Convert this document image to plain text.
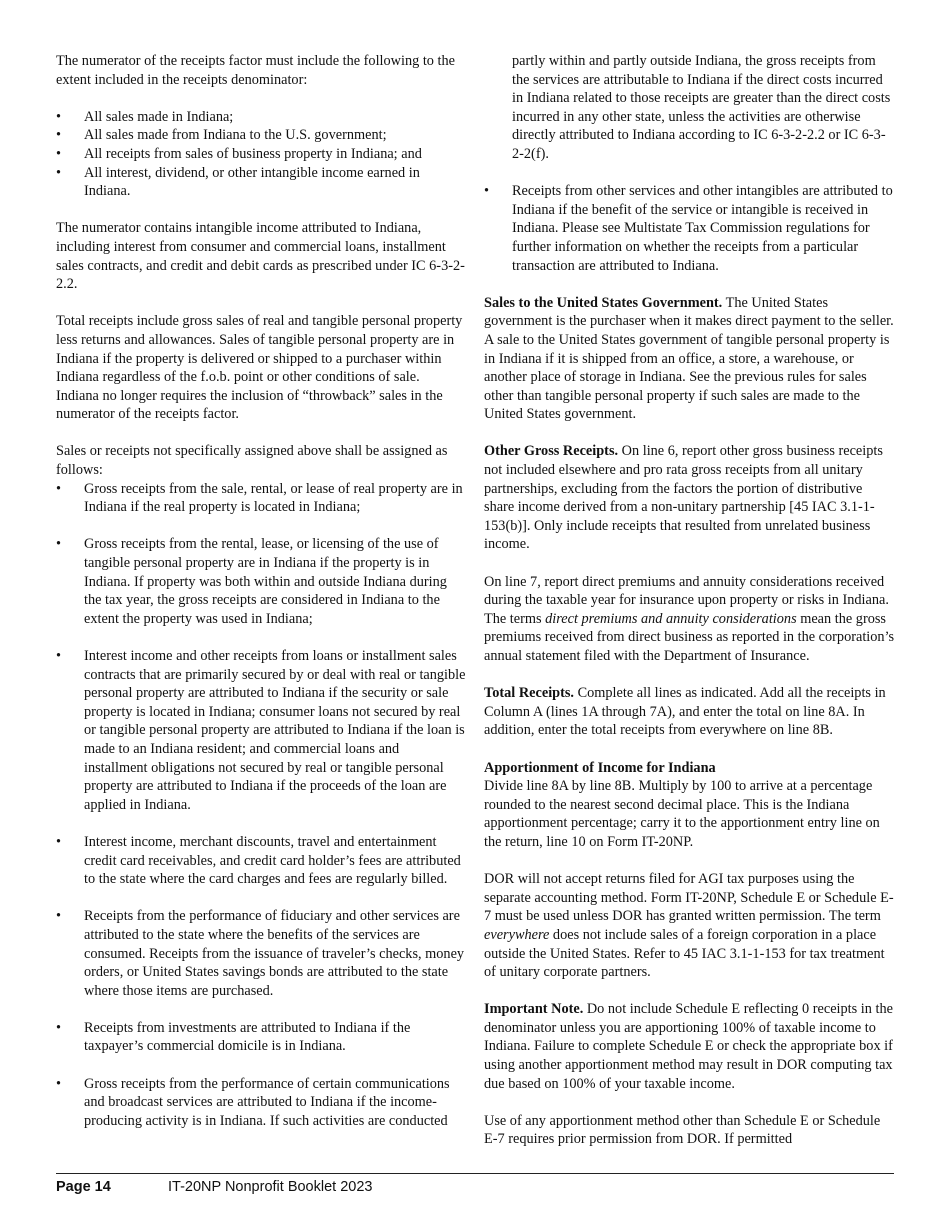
The numerator of the receipts factor must include the following to the extent included in the receipts denominator:

• All sales made in Indiana;
• All sales made from Indiana to the U.S. government;
• All receipts from sales of business property in Indiana; and
• All interest, dividend, or other intangible income earned in Indiana.

The numerator contains intangible income attributed to Indiana, including interest from consumer and commercial loans, installment sales contracts, and credit and debit cards as prescribed under IC 6-3-2-2.2.

Total receipts include gross sales of real and tangible personal property less returns and allowances. Sales of tangible personal property are in Indiana if the property is delivered or shipped to a purchaser within Indiana regardless of the f.o.b. point or other conditions of sale. Indiana no longer requires the inclusion of “throwback” sales in the numerator of the receipts factor.

Sales or receipts not specifically assigned above shall be assigned as follows:

• Gross receipts from the sale, rental, or lease of real property are in Indiana if the real property is located in Indiana;
• Gross receipts from the rental, lease, or licensing of the use of tangible personal property are in Indiana if the property is in Indiana. If property was both within and outside Indiana during the tax year, the gross receipts are considered in Indiana to the extent the property was used in Indiana;
• Interest income and other receipts from loans or installment sales contracts that are primarily secured by or deal with real or tangible personal property are attributed to Indiana if the security or sale property is located in Indiana; consumer loans not secured by real or tangible personal property are attributed to Indiana if the loan is made to an Indiana resident; and commercial loans and installment obligations not secured by real or tangible personal property are attributed to Indiana if the proceeds of the loan are applied in Indiana.
• Interest income, merchant discounts, travel and entertainment credit card receivables, and credit card holder’s fees are attributed to the state where the card charges and fees are regularly billed.
• Receipts from the performance of fiduciary and other services are attributed to the state where the benefits of the services are consumed. Receipts from the issuance of traveler’s checks, money orders, or United States savings bonds are attributed to the state where those items are purchased.
• Receipts from investments are attributed to Indiana if the taxpayer’s commercial domicile is in Indiana.
• Gross receipts from the performance of certain communications and broadcast services are attributed to Indiana if the income-producing activity is in Indiana. If such activities are conducted

partly within and partly outside Indiana, the gross receipts from the services are attributable to Indiana if the direct costs incurred in Indiana related to those receipts are greater than the direct costs incurred in any other state, unless the activities are otherwise directly attributed to Indiana according to IC 6-3-2-2.2 or IC 6-3-2-2(f).

• Receipts from other services and other intangibles are attributed to Indiana if the benefit of the service or intangible is received in Indiana. Please see Multistate Tax Commission regulations for further information on whether the receipts from a particular transaction are attributed to Indiana.

Sales to the United States Government. The United States government is the purchaser when it makes direct payment to the seller. A sale to the United States government of tangible personal property is in Indiana if it is shipped from an office, a store, a warehouse, or another place of storage in Indiana. See the previous rules for sales other than tangible personal property if such sales are made to the United States government.

Other Gross Receipts. On line 6, report other gross business receipts not included elsewhere and pro rata gross receipts from all unitary partnerships, excluding from the factors the portion of distributive share income derived from a non-unitary partnership [45 IAC 3.1-1-153(b)]. Only include receipts that resulted from unrelated business income.

On line 7, report direct premiums and annuity considerations received during the taxable year for insurance upon property or risks in Indiana. The terms direct premiums and annuity considerations mean the gross premiums received from direct business as reported in the corporation’s annual statement filed with the Department of Insurance.

Total Receipts. Complete all lines as indicated. Add all the receipts in Column A (lines 1A through 7A), and enter the total on line 8A. In addition, enter the total receipts from everywhere on line 8B.

Apportionment of Income for Indiana
Divide line 8A by line 8B. Multiply by 100 to arrive at a percentage rounded to the nearest second decimal place. This is the Indiana apportionment percentage; carry it to the apportionment entry line on the return, line 10 on Form IT-20NP.

DOR will not accept returns filed for AGI tax purposes using the separate accounting method. Form IT-20NP, Schedule E or Schedule E-7 must be used unless DOR has granted written permission. The term everywhere does not include sales of a foreign corporation in a place outside the United States. Refer to 45 IAC 3.1-1-153 for tax treatment of unitary corporate partners.

Important Note. Do not include Schedule E reflecting 0 receipts in the denominator unless you are apportioning 100% of taxable income to Indiana. Failure to complete Schedule E or check the appropriate box if using another apportionment method may result in DOR computing tax due based on 100% of your taxable income.

Use of any apportionment method other than Schedule E or Schedule E-7 requires prior permission from DOR. If permitted

Page 14	IT-20NP Nonprofit Booklet 2023
